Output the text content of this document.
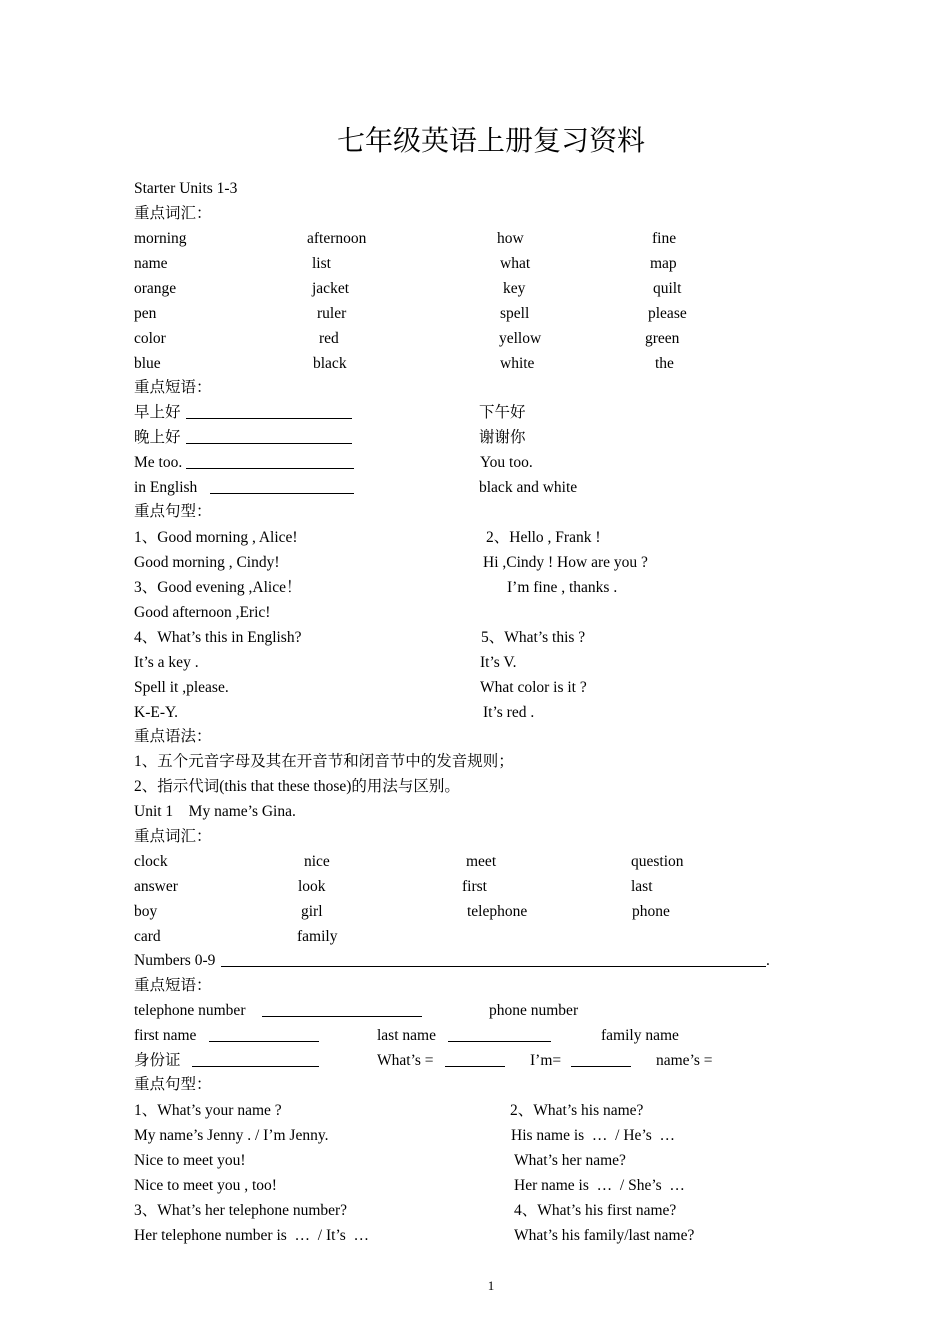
七年级英语上册复习资料
Starter Units 1-3
重点词汇：
morning	afternoon	how	fine
name	list	what	map
orange	jacket	key	quilt
pen	ruler	spell	please
color	red	yellow	green
blue	black	white	the
重点短语：
早上好	下午好
晚上好	谢谢你
Me too.	You too.
in English	black and white
重点句型：
1、Good morning , Alice!	2、Hello , Frank !
Good morning , Cindy!	Hi ,Cindy ! How are you ?
3、Good evening ,Alice！	I’m fine , thanks .
Good afternoon ,Eric!
4、What’s this in English?	5、What’s this ?
It’s a key .	It’s V.
Spell it ,please.	What color is it ?
K-E-Y.	It’s red .
重点语法：
1、五个元音字母及其在开音节和闭音节中的发音规则；
2、指示代词(this that these those)的用法与区别。
Unit 1    My name’s Gina.
重点词汇：
clock	nice	meet	question
answer	look	first	last
boy	girl	telephone	phone
card	family
Numbers 0-9	.
重点短语：
telephone number	phone number
first name	last name	family name
身份证	What’s =	I’m=	name’s =
重点句型：
1、What’s your name ?	2、What’s his name?
My name’s Jenny . / I’m Jenny.	His name is  …  / He’s  …
Nice to meet you!	What’s her name?
Nice to meet you , too!	Her name is  …  / She’s  …
3、What’s her telephone number?	4、What’s his first name?
Her telephone number is  …  / It’s  …	What’s his family/last name?
1
